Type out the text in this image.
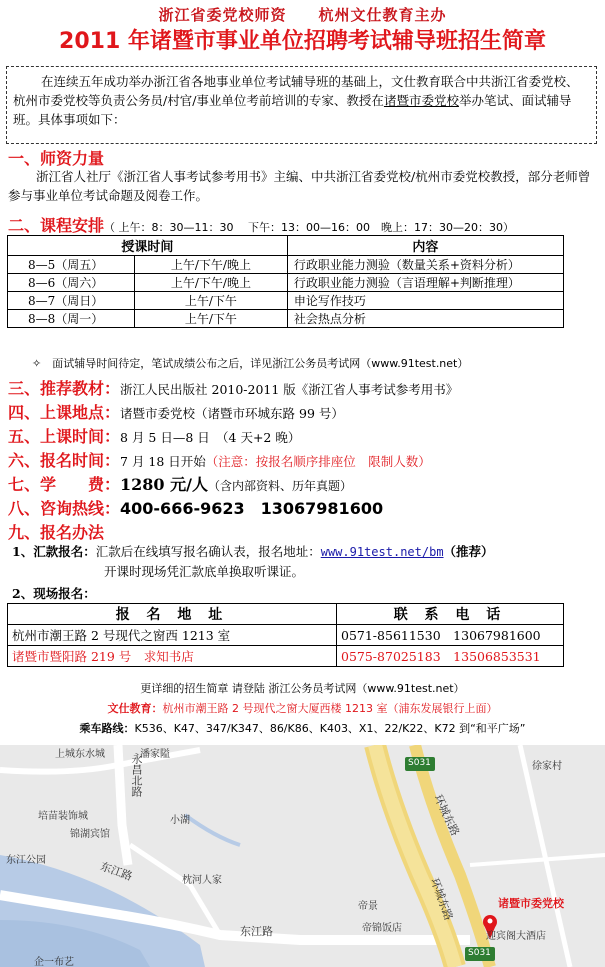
浙江省委党校师资　　杭州文仕教育主办
2011 年诸暨市事业单位招聘考试辅导班招生简章
在连续五年成功举办浙江省各地事业单位考试辅导班的基础上，文仕教育联合中共浙江省委党校、杭州市委党校等负责公务员/村官/事业单位考前培训的专家、教授在诸暨市委党校举办笔试、面试辅导班。具体事项如下：
一、师资力量
浙江省人社厅《浙江省人事考试参考用书》主编、中共浙江省委党校/杭州市委党校教授，部分老师曾参与事业单位考试命题及阅卷工作。
二、课程安排（ 上午：8：30—11：30　 下午：13：00—16：00　晚上：17：30—20：30）
授课时间		内容
8—5（周五）	上午/下午/晚上	行政职业能力测验（数量关系+资料分析）
8—6（周六）	上午/下午/晚上	行政职业能力测验（言语理解+判断推理）
8—7（周日）	上午/下午	申论写作技巧
8—8（周一）	上午/下午	社会热点分析
✧　面试辅导时间待定，笔试成绩公布之后，详见浙江公务员考试网（www.91test.net）
三、推荐教材：浙江人民出版社 2010-2011 版《浙江省人事考试参考用书》
四、上课地点：诸暨市委党校（诸暨市环城东路 99 号）
五、上课时间：8 月 5 日—8 日　（4 天+2 晚）
六、报名时间：7 月 18 日开始（注意：按报名顺序排座位　限制人数）
七、学　　费：1280 元/人（含内部资料、历年真题）
八、咨询热线：400-666-9623　13067981600
九、报名办法
1、汇款报名：汇款后在线填写报名确认表，报名地址：www.91test.net/bm（推荐）
开课时现场凭汇款底单换取听课证。
2、现场报名：
报 名 地 址	联 系 电 话
杭州市潮王路 2 号现代之窗西 1213 室	0571-85611530　13067981600
诸暨市暨阳路 219 号　求知书店	0575-87025183　13506853531
更详细的招生简章 请登陆 浙江公务员考试网（www.91test.net）
文仕教育：杭州市潮王路 2 号现代之窗大厦西楼 1213 室（浦东发展银行上面）
乘车路线：K536、K47、347/K347、86/K86、K403、X1、22/K22、K72 到“和平广场”
上城东水城	潘家隘
永昌北路
培苗装饰城
锦湖宾馆
小湖
东江公园	东江路	枕河人家
东江路
环城东路
环城东路
S031
S031
徐家村
帝景
帝锦饭店
迎宾阁大酒店
诸暨市委党校
企一布艺
